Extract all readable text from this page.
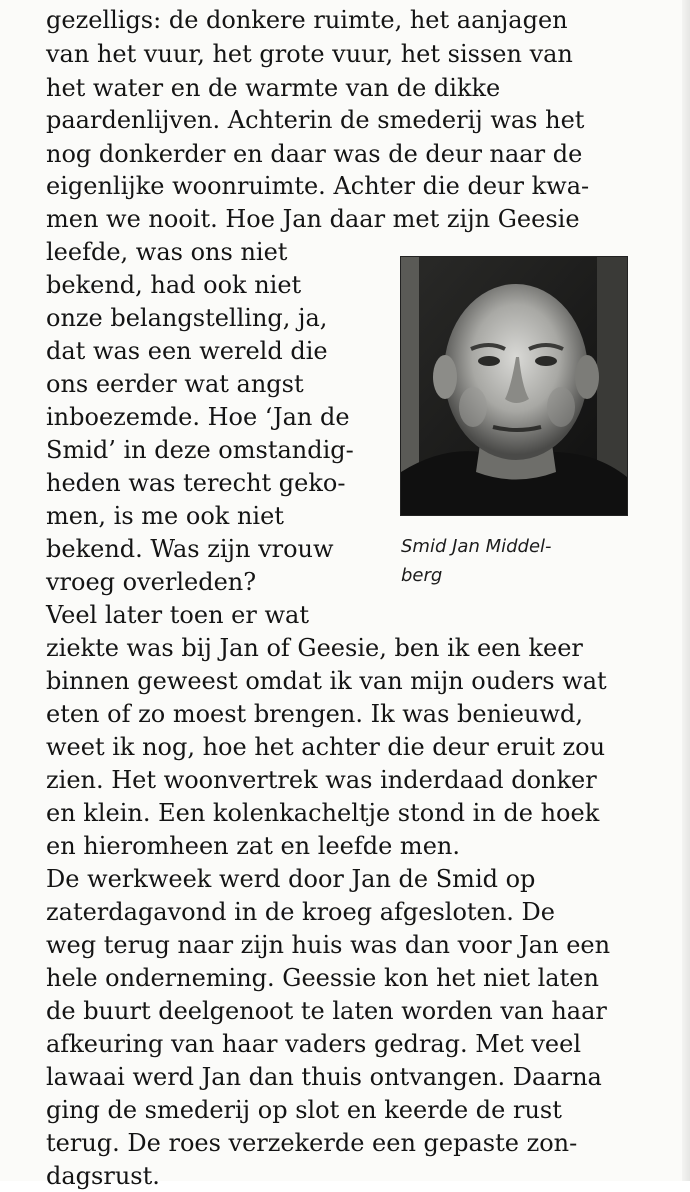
gezelligs: de donkere ruimte, het aanjagen

van het vuur, het grote vuur, het sissen van

het water en de warmte van de dikke

paardenlijven. Achterin de smederij was het

nog donkerder en daar was de deur naar de

eigenlijke woonruimte. Achter die deur kwa-

men we nooit. Hoe Jan daar met zijn Geesie

leefde, was ons niet

bekend, had ook niet

onze belangstelling, ja,

dat was een wereld die

ons eerder wat angst

inboezemde. Hoe ‘Jan de

Smid’ in deze omstandig-

heden was terecht geko-

men, is me ook niet

bekend. Was zijn vrouw

vroeg overleden?

Veel later toen er wat

ziekte was bij Jan of Geesie, ben ik een keer

binnen geweest omdat ik van mijn ouders wat

eten of zo moest brengen. Ik was benieuwd,

weet ik nog, hoe het achter die deur eruit zou

zien. Het woonvertrek was inderdaad donker

en klein. Een kolenkacheltje stond in de hoek

en hieromheen zat en leefde men.

De werkweek werd door Jan de Smid op

zaterdagavond in de kroeg afgesloten. De

weg terug naar zijn huis was dan voor Jan een

hele onderneming. Geessie kon het niet laten

de buurt deelgenoot te laten worden van haar

afkeuring van haar vaders gedrag. Met veel

lawaai werd Jan dan thuis ontvangen. Daarna

ging de smederij op slot en keerde de rust

terug. De roes verzekerde een gepaste zon-

dagsrust.

Smid Jan Middel-

berg
